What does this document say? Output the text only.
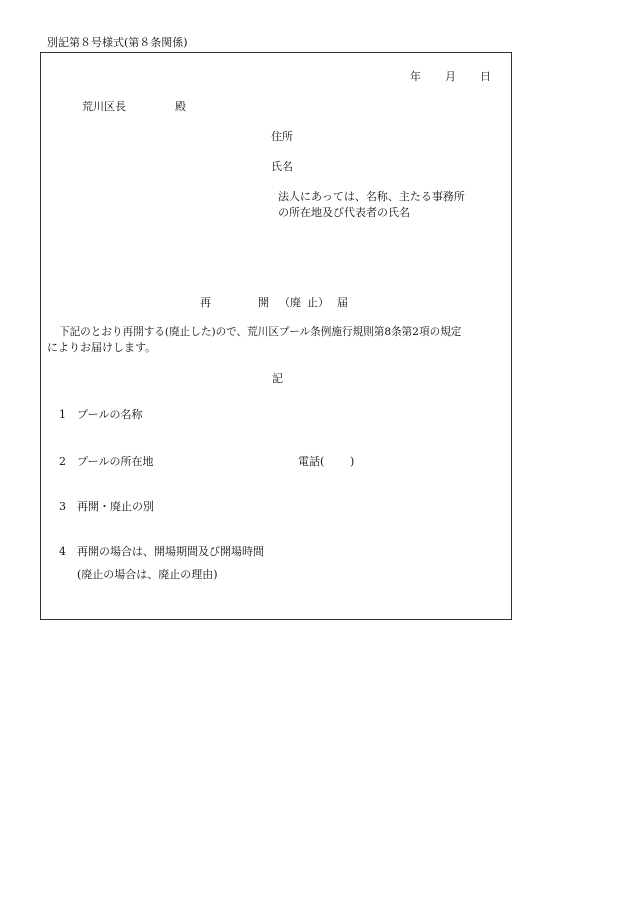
別記第８号様式(第８条関係)
年 月 日
荒川区長	殿
住所
氏名
法人にあっては、名称、主たる事務所
の所在地及び代表者の氏名
再	開 （廃 止） 届
下記のとおり再開する(廃止した)ので、荒川区プール条例施行規則第8条第2項の規定
によりお届けします。
記
1 プールの名称
2 プールの所在地	電話( )
3 再開・廃止の別
4 再開の場合は、開場期間及び開場時間
(廃止の場合は、廃止の理由)
